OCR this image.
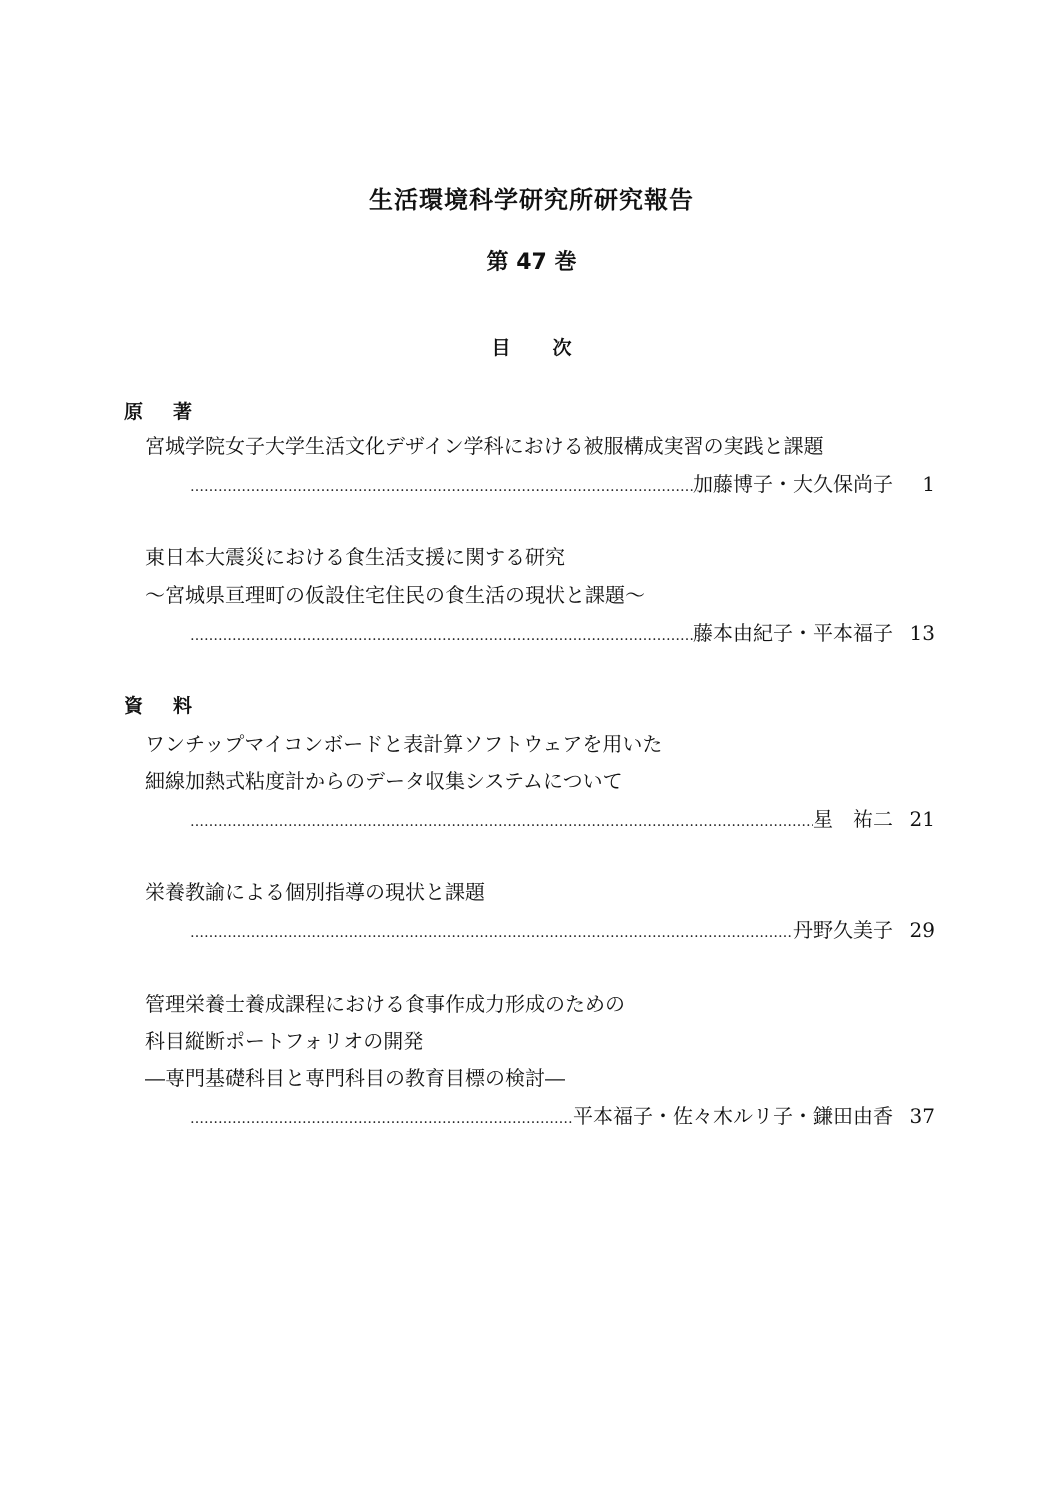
生活環境科学研究所研究報告
第 47 巻
目次
原著
宮城学院女子大学生活文化デザイン学科における被服構成実習の実践と課題
…………………………………………………………………………………………………………………………………………………………………………………………………………………………………………………………
加藤博子・大久保尚子	1
東日本大震災における食生活支援に関する研究
～宮城県亘理町の仮設住宅住民の食生活の現状と課題～
…………………………………………………………………………………………………………………………………………………………………………………………………………………………………………………………
藤本由紀子・平本福子 13
資料
ワンチップマイコンボードと表計算ソフトウェアを用いた
細線加熱式粘度計からのデータ収集システムについて
…………………………………………………………………………………………………………………………………………………………………………………………………………………………………………………………
星　祐二 21
栄養教諭による個別指導の現状と課題
…………………………………………………………………………………………………………………………………………………………………………………………………………………………………………………………
丹野久美子 29
管理栄養士養成課程における食事作成力形成のための
科目縦断ポートフォリオの開発
―専門基礎科目と専門科目の教育目標の検討―
…………………………………………………………………………………………………………………………………………………………………………………………………………………………………………………………
平本福子・佐々木ルリ子・鎌田由香 37
